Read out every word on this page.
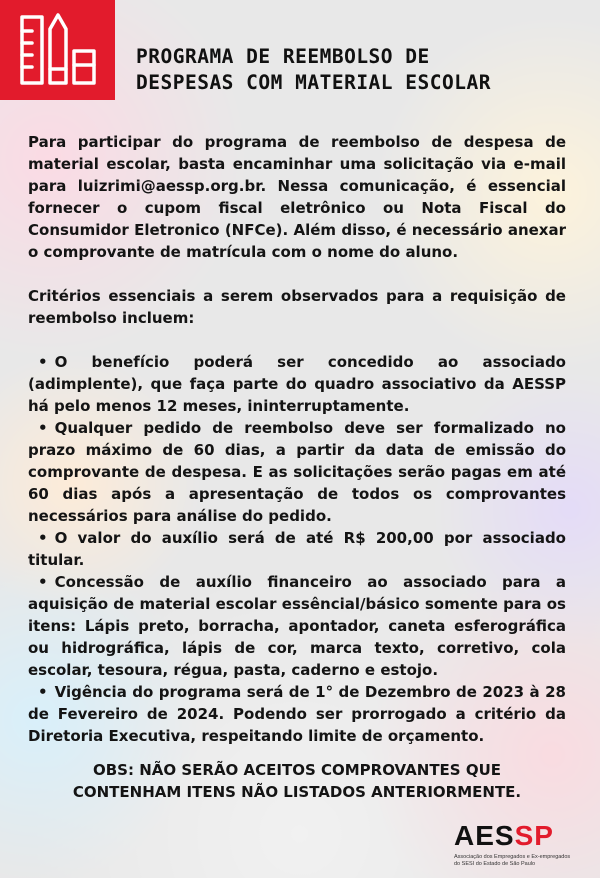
PROGRAMA DE REEMBOLSO DE
DESPESAS COM MATERIAL ESCOLAR

Para participar do programa de reembolso de despesa de material escolar, basta encaminhar uma solicitação via e-mail para luizrimi@aessp.org.br. Nessa comunicação, é essencial fornecer o cupom fiscal eletrônico ou Nota Fiscal do Consumidor Eletronico (NFCe). Além disso, é necessário anexar o comprovante de matrícula com o nome do aluno.

Critérios essenciais a serem observados para a requisição de reembolso incluem:

• O benefício poderá ser concedido ao associado (adimplente), que faça parte do quadro associativo da AESSP há pelo menos 12 meses, ininterruptamente.

• Qualquer pedido de reembolso deve ser formalizado no prazo máximo de 60 dias, a partir da data de emissão do comprovante de despesa. E as solicitações serão pagas em até 60 dias após a apresentação de todos os comprovantes necessários para análise do pedido.

• O valor do auxílio será de até R$ 200,00 por associado titular.

• Concessão de auxílio financeiro ao associado para a aquisição de material escolar essêncial/básico somente para os itens: Lápis preto, borracha, apontador, caneta esferográfica ou hidrográfica, lápis de cor, marca texto, corretivo, cola escolar, tesoura, régua, pasta, caderno e estojo.

• Vigência do programa será de 1° de Dezembro de 2023 à 28 de Fevereiro de 2024. Podendo ser prorrogado a critério da Diretoria Executiva, respeitando limite de orçamento.

OBS: NÃO SERÃO ACEITOS COMPROVANTES QUE
CONTENHAM ITENS NÃO LISTADOS ANTERIORMENTE.

AESSP
Associação dos Empregados e Ex-empregados do SESI do Estado de São Paulo
